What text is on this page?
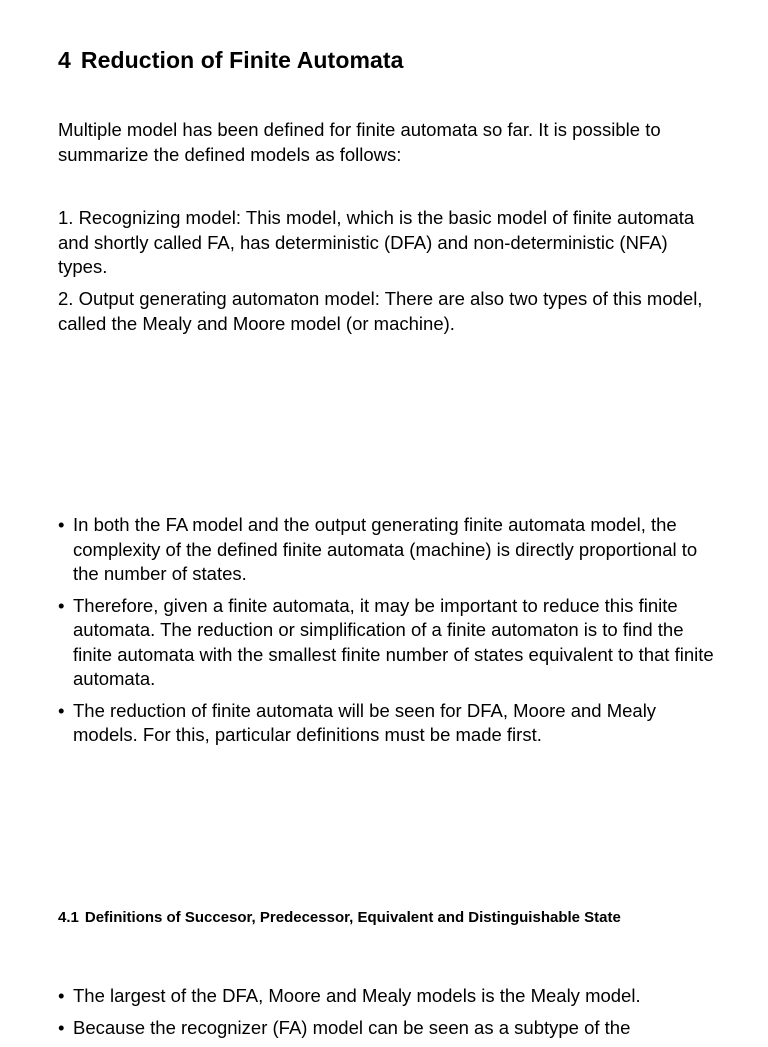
4 Reduction of Finite Automata

Multiple model has been defined for finite automata so far. It is possible to summarize the defined models as follows:

1. Recognizing model: This model, which is the basic model of finite automata and shortly called FA, has deterministic (DFA) and non-deterministic (NFA) types.

2. Output generating automaton model: There are also two types of this model, called the Mealy and Moore model (or machine).

• In both the FA model and the output generating finite automata model, the complexity of the defined finite automata (machine) is directly proportional to the number of states.
• Therefore, given a finite automata, it may be important to reduce this finite automata. The reduction or simplification of a finite automaton is to find the finite automata with the smallest finite number of states equivalent to that finite automata.
• The reduction of finite automata will be seen for DFA, Moore and Mealy models. For this, particular definitions must be made first.
4.1 Definitions of Succesor, Predecessor, Equivalent and Distinguishable State
• The largest of the DFA, Moore and Mealy models is the Mealy model.
• Because the recognizer (FA) model can be seen as a subtype of the
